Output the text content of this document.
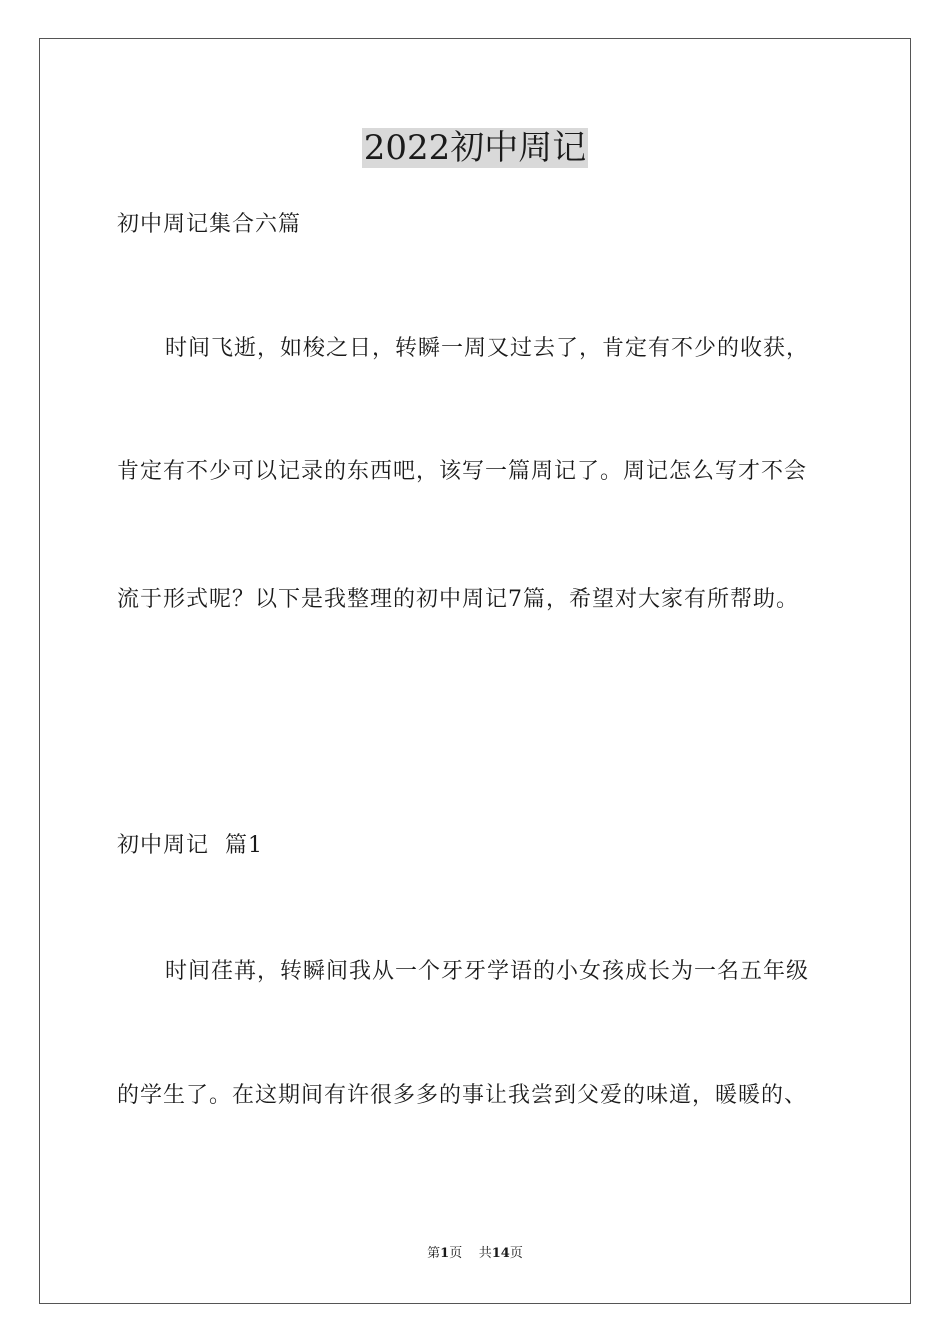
2022初中周记
初中周记集合六篇
时间飞逝，如梭之日，转瞬一周又过去了，肯定有不少的收获，
肯定有不少可以记录的东西吧，该写一篇周记了。周记怎么写才不会
流于形式呢？以下是我整理的初中周记7篇，希望对大家有所帮助。
初中周记  篇1
时间荏苒，转瞬间我从一个牙牙学语的小女孩成长为一名五年级
的学生了。在这期间有许很多多的事让我尝到父爱的味道，暖暖的、
第1页    共14页
